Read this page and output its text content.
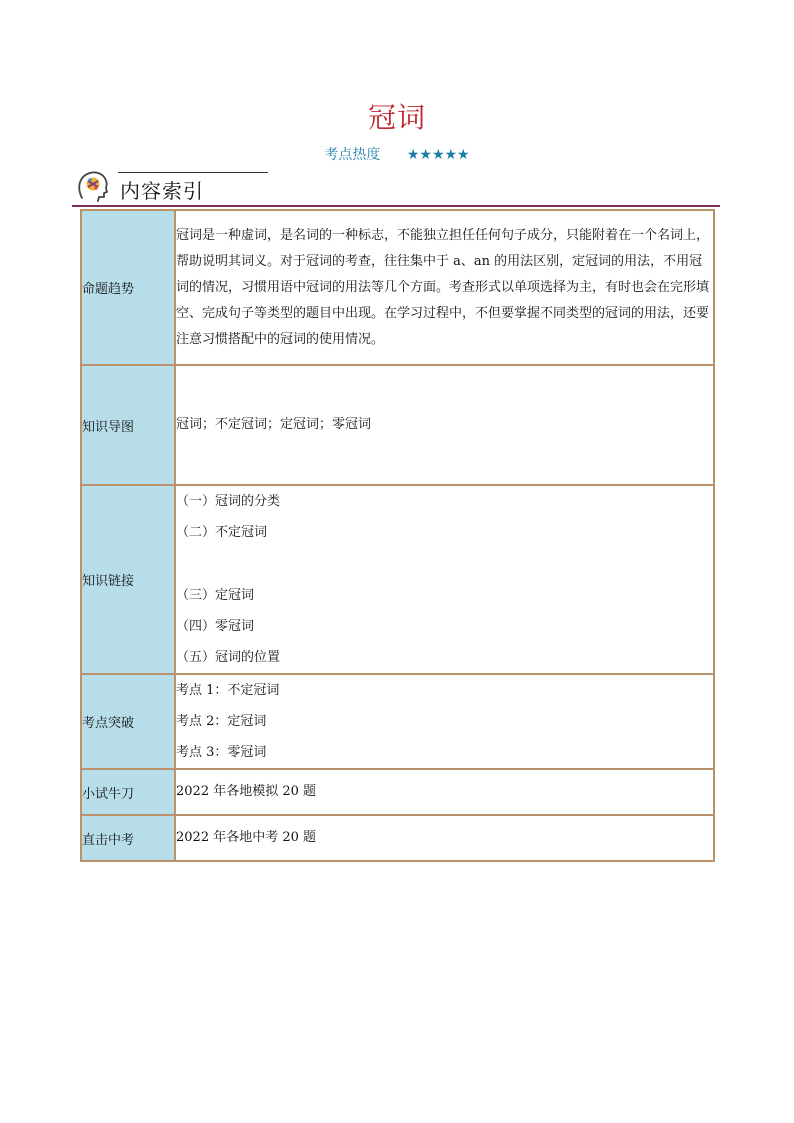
冠词
考点热度 ★★★★★
内容索引
命题趋势	冠词是一种虚词，是名词的一种标志，不能独立担任任何句子成分，只能附着在一个名词上，帮助说明其词义。对于冠词的考查，往往集中于 a、an 的用法区别，定冠词的用法，不用冠词的情况，习惯用语中冠词的用法等几个方面。考查形式以单项选择为主，有时也会在完形填空、完成句子等类型的题目中出现。在学习过程中，不但要掌握不同类型的冠词的用法，还要注意习惯搭配中的冠词的使用情况。

知识导图	冠词；不定冠词；定冠词；零冠词

知识链接	（一）冠词的分类

（二）不定冠词

（三）定冠词

（四）零冠词

（五）冠词的位置

考点突破	考点 1：不定冠词

考点 2：定冠词

考点 3：零冠词

小试牛刀	2022 年各地模拟 20 题

直击中考	2022 年各地中考 20 题
